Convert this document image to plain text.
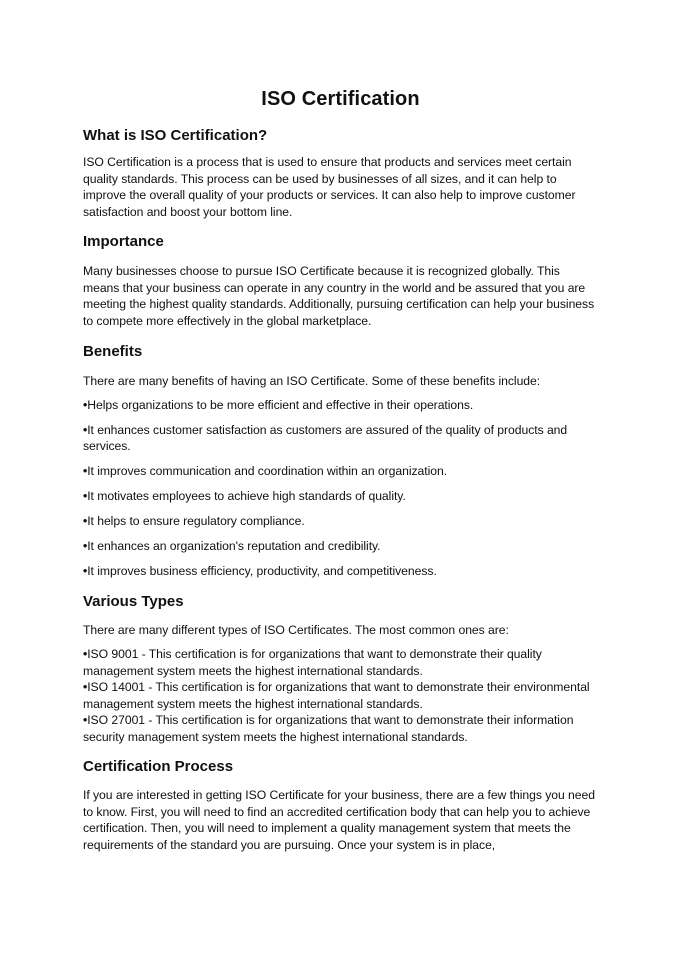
ISO Certification
What is ISO Certification?

ISO Certification is a process that is used to ensure that products and services meet certain quality standards. This process can be used by businesses of all sizes, and it can help to improve the overall quality of your products or services. It can also help to improve customer satisfaction and boost your bottom line.

Importance

Many businesses choose to pursue ISO Certificate because it is recognized globally. This means that your business can operate in any country in the world and be assured that you are meeting the highest quality standards. Additionally, pursuing certification can help your business to compete more effectively in the global marketplace.

Benefits

There are many benefits of having an ISO Certificate. Some of these benefits include:

•Helps organizations to be more efficient and effective in their operations.

•It enhances customer satisfaction as customers are assured of the quality of products and services.

•It improves communication and coordination within an organization.

•It motivates employees to achieve high standards of quality.

•It helps to ensure regulatory compliance.

•It enhances an organization's reputation and credibility.

•It improves business efficiency, productivity, and competitiveness.

Various Types

There are many different types of ISO Certificates. The most common ones are:

•ISO 9001 - This certification is for organizations that want to demonstrate their quality management system meets the highest international standards.

•ISO 14001 - This certification is for organizations that want to demonstrate their environmental management system meets the highest international standards.

•ISO 27001 - This certification is for organizations that want to demonstrate their information security management system meets the highest international standards.

Certification Process

If you are interested in getting ISO Certificate for your business, there are a few things you need to know. First, you will need to find an accredited certification body that can help you to achieve certification. Then, you will need to implement a quality management system that meets the requirements of the standard you are pursuing. Once your system is in place,
